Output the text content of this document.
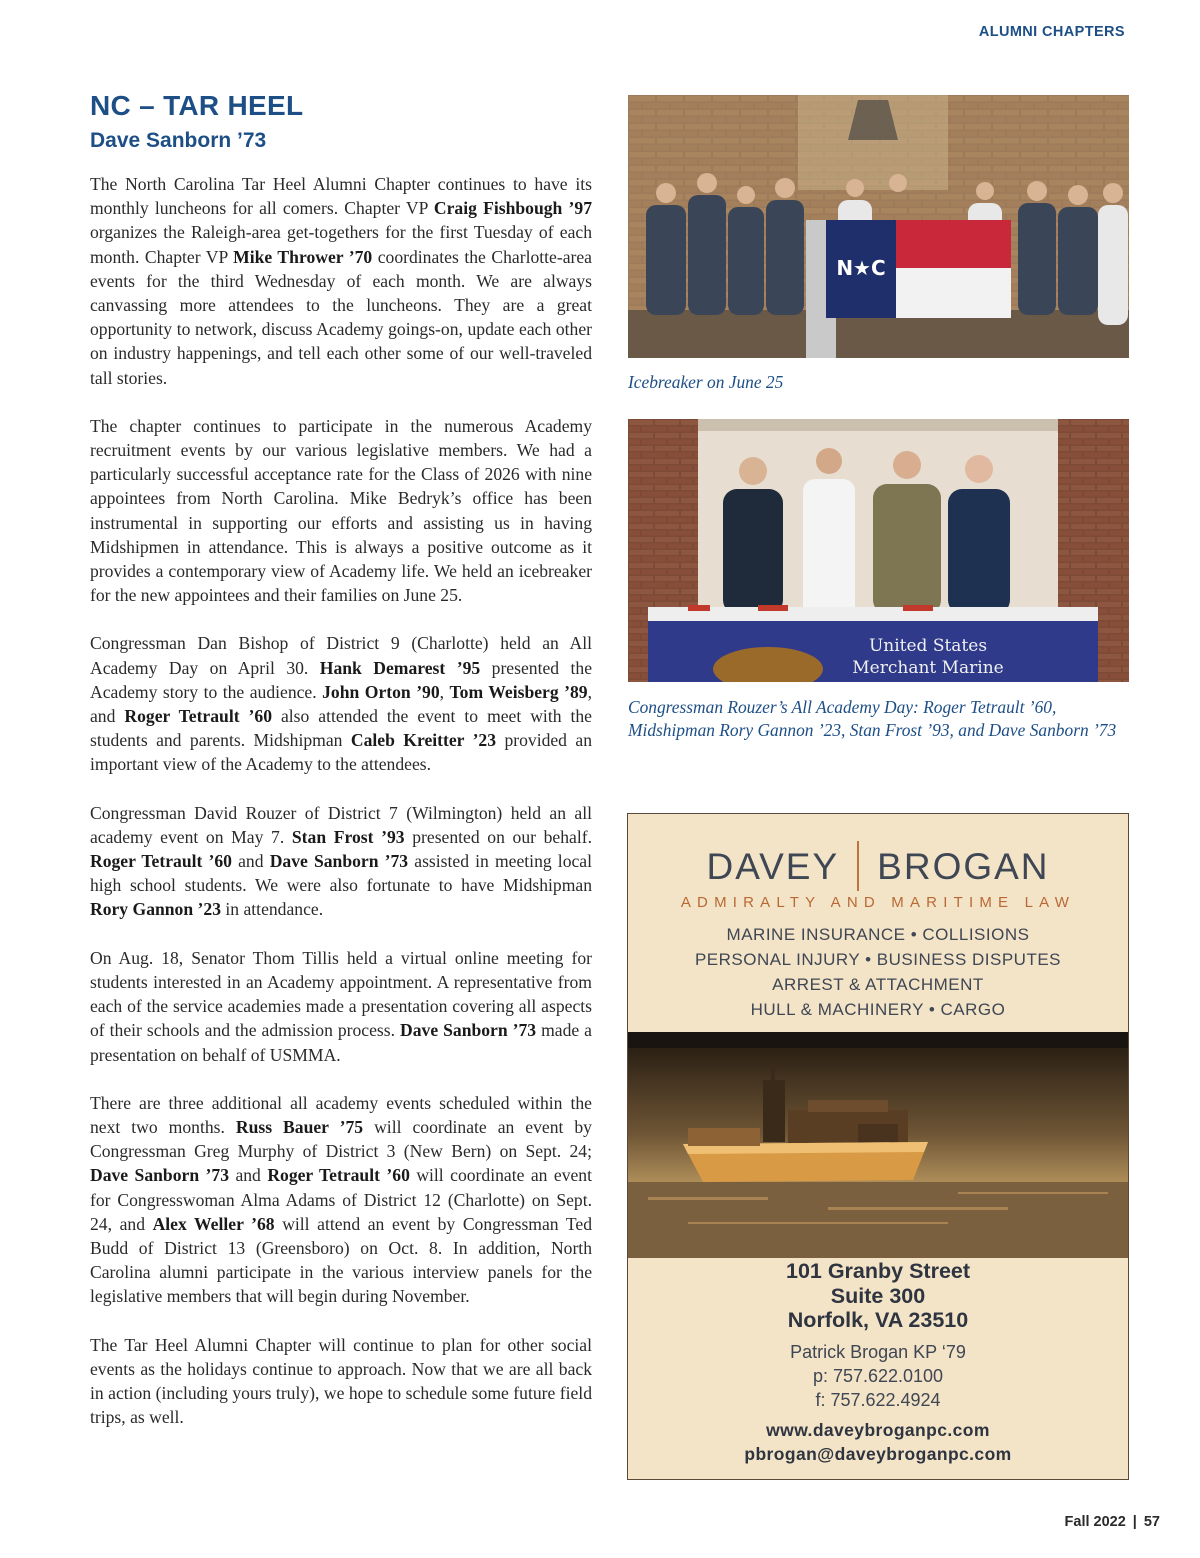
ALUMNI CHAPTERS
NC – TAR HEEL
Dave Sanborn ’73

The North Carolina Tar Heel Alumni Chapter continues to have its monthly luncheons for all comers. Chapter VP Craig Fishbough ’97 organizes the Raleigh-area get-togethers for the first Tuesday of each month. Chapter VP Mike Thrower ’70 coordinates the Charlotte-area events for the third Wednesday of each month. We are always canvassing more attendees to the luncheons. They are a great opportunity to network, discuss Academy goings-on, update each other on industry happenings, and tell each other some of our well-traveled tall stories.

The chapter continues to participate in the numerous Academy recruitment events by our various legislative members. We had a particularly successful acceptance rate for the Class of 2026 with nine appointees from North Carolina. Mike Bedryk’s office has been instrumental in supporting our efforts and assisting us in having Midshipmen in attendance. This is always a positive outcome as it provides a contemporary view of Academy life. We held an icebreaker for the new appointees and their families on June 25.

Congressman Dan Bishop of District 9 (Charlotte) held an All Academy Day on April 30. Hank Demarest ’95 presented the Academy story to the audience. John Orton ’90, Tom Weisberg ’89, and Roger Tetrault ’60 also attended the event to meet with the students and parents. Midshipman Caleb Kreitter ’23 provided an important view of the Academy to the attendees.

Congressman David Rouzer of District 7 (Wilmington) held an all academy event on May 7. Stan Frost ’93 presented on our behalf. Roger Tetrault ’60 and Dave Sanborn ’73 assisted in meeting local high school students. We were also fortunate to have Midshipman Rory Gannon ’23 in attendance.

On Aug. 18, Senator Thom Tillis held a virtual online meeting for students interested in an Academy appointment. A representative from each of the service academies made a presentation covering all aspects of their schools and the admission process. Dave Sanborn ’73 made a presentation on behalf of USMMA.

There are three additional all academy events scheduled within the next two months. Russ Bauer ’75 will coordinate an event by Congressman Greg Murphy of District 3 (New Bern) on Sept. 24; Dave Sanborn ’73 and Roger Tetrault ’60 will coordinate an event for Congresswoman Alma Adams of District 12 (Charlotte) on Sept. 24, and Alex Weller ’68 will attend an event by Congressman Ted Budd of District 13 (Greensboro) on Oct. 8. In addition, North Carolina alumni participate in the various interview panels for the legislative members that will begin during November.

The Tar Heel Alumni Chapter will continue to plan for other social events as the holidays continue to approach. Now that we are all back in action (including yours truly), we hope to schedule some future field trips, as well.

N★C

Icebreaker on June 25

United States
Merchant Marine

Congressman Rouzer’s All Academy Day: Roger Tetrault ’60, Midshipman Rory Gannon ’23, Stan Frost ’93, and Dave Sanborn ’73

DAVEY BROGAN
ADMIRALTY AND MARITIME LAW
MARINE INSURANCE • COLLISIONS
PERSONAL INJURY • BUSINESS DISPUTES
ARREST & ATTACHMENT
HULL & MACHINERY • CARGO
101 Granby Street
Suite 300
Norfolk, VA 23510
Patrick Brogan KP ‘79
p: 757.622.0100
f: 757.622.4924
www.daveybroganpc.com
pbrogan@daveybroganpc.com
Fall 2022 | 57
